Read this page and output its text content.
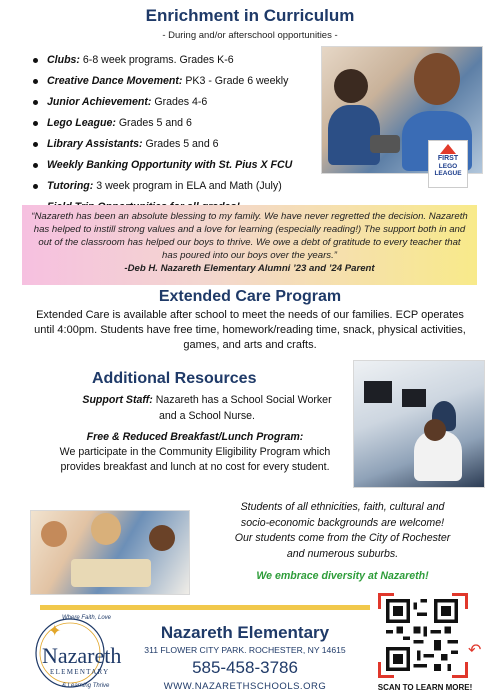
Enrichment in Curriculum
- During and/or afterschool opportunities -
Clubs: 6-8 week programs. Grades K-6
Creative Dance Movement: PK3 - Grade 6 weekly
Junior Achievement: Grades 4-6
Lego League: Grades 5 and 6
Library Assistants: Grades 5 and 6
Weekly Banking Opportunity with St. Pius X FCU
Tutoring: 3 week program in ELA and Math (July)
FIRST
LEGO
LEAGUE

“Nazareth has been an absolute blessing to my family. We have never regretted the decision. Nazareth has helped to instill strong values and a love for learning (especially reading!) The support both in and out of the classroom has helped our boys to thrive. We owe a debt of gratitude to every teacher that has poured into our boys over the years.”

-Deb H. Nazareth Elementary Alumni ’23 and ’24 Parent
Extended Care Program
Extended Care is available after school to meet the needs of our families. ECP operates until 4:00pm. Students have free time, homework/reading time, snack, physical activities, games, and arts and crafts.
Additional Resources
Support Staff: Nazareth has a School Social Worker
and a School Nurse.
Free & Reduced Breakfast/Lunch Program:
We participate in the Community Eligibility Program which
provides breakfast and lunch at no cost for every student.
Students of all ethnicities, faith, cultural and
socio-economic backgrounds are welcome!
Our students come from the City of Rochester
and numerous suburbs.
We embrace diversity at Nazareth!
Where Faith, Love
✦
Nazareth
ELEMENTARY
& Learning Thrive
Nazareth Elementary
311 FLOWER CITY PARK. ROCHESTER, NY 14615
585-458-3786
WWW.NAZARETHSCHOOLS.ORG
↶
SCAN TO LEARN MORE!
